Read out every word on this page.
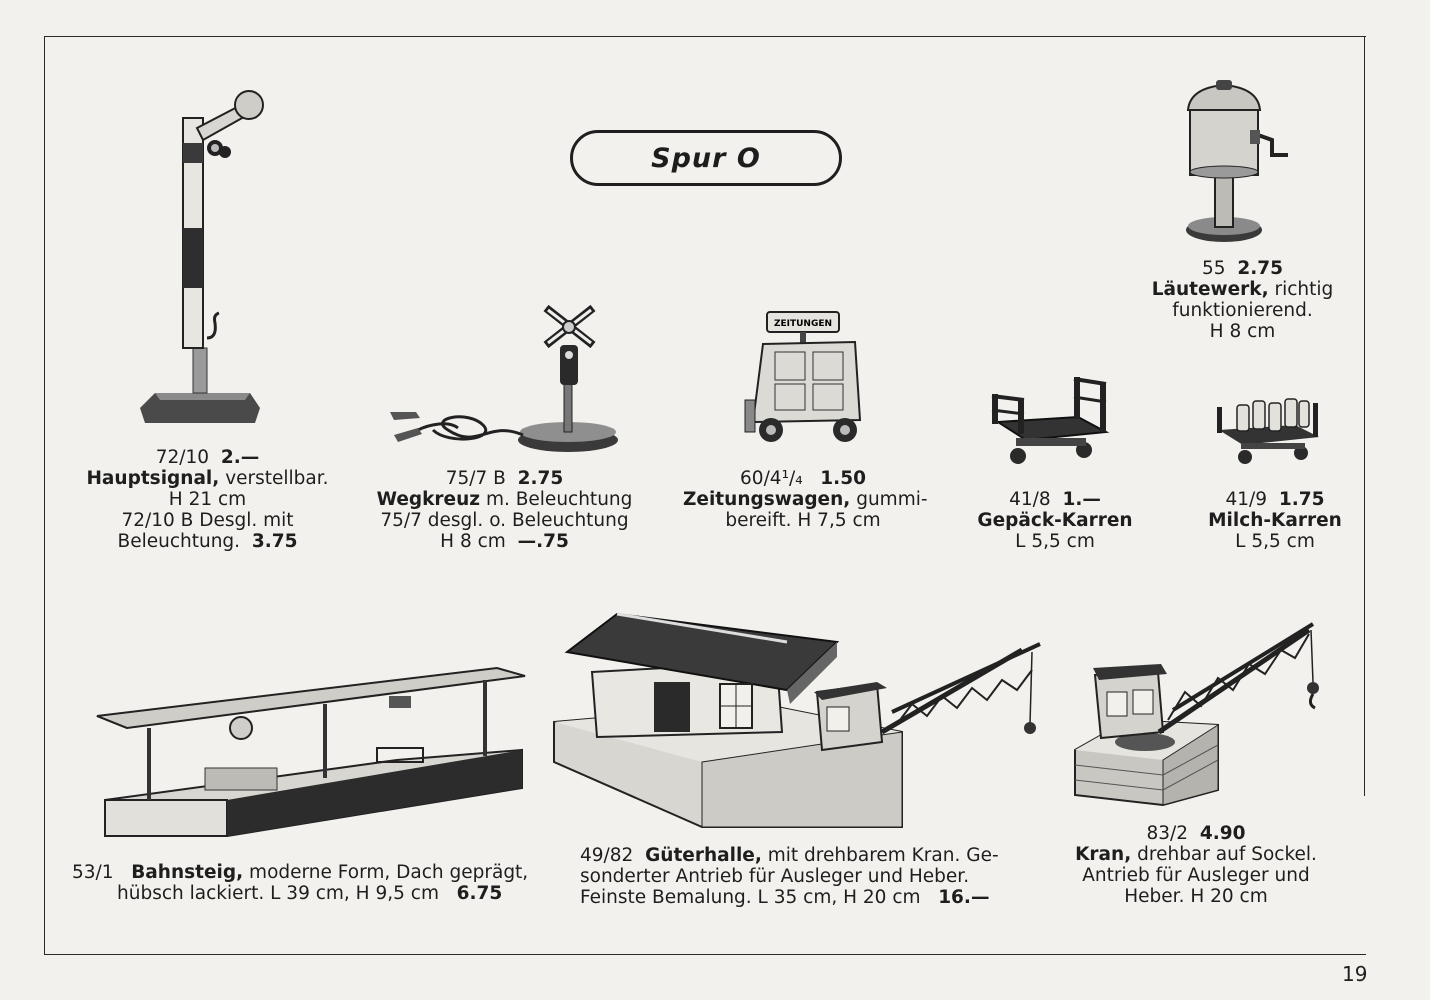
Spur O
72/10 2.—
Hauptsignal, verstellbar.
H 21 cm
72/10 B Desgl. mit
Beleuchtung. 3.75
75/7 B 2.75
Wegkreuz m. Beleuchtung
75/7 desgl. o. Beleuchtung
H 8 cm —.75
ZEITUNGEN
60/4¹/₄ 1.50
Zeitungswagen, gummi-
bereift. H 7,5 cm
41/8 1.—
Gepäck-Karren
L 5,5 cm
41/9 1.75
Milch-Karren
L 5,5 cm
55 2.75
Läutewerk, richtig
funktionierend.
H 8 cm
53/1 Bahnsteig, moderne Form, Dach geprägt,
hübsch lackiert. L 39 cm, H 9,5 cm 6.75
49/82 Güterhalle, mit drehbarem Kran. Ge-
sonderter Antrieb für Ausleger und Heber.
Feinste Bemalung. L 35 cm, H 20 cm 16.—
83/2 4.90
Kran, drehbar auf Sockel.
Antrieb für Ausleger und
Heber. H 20 cm
19
